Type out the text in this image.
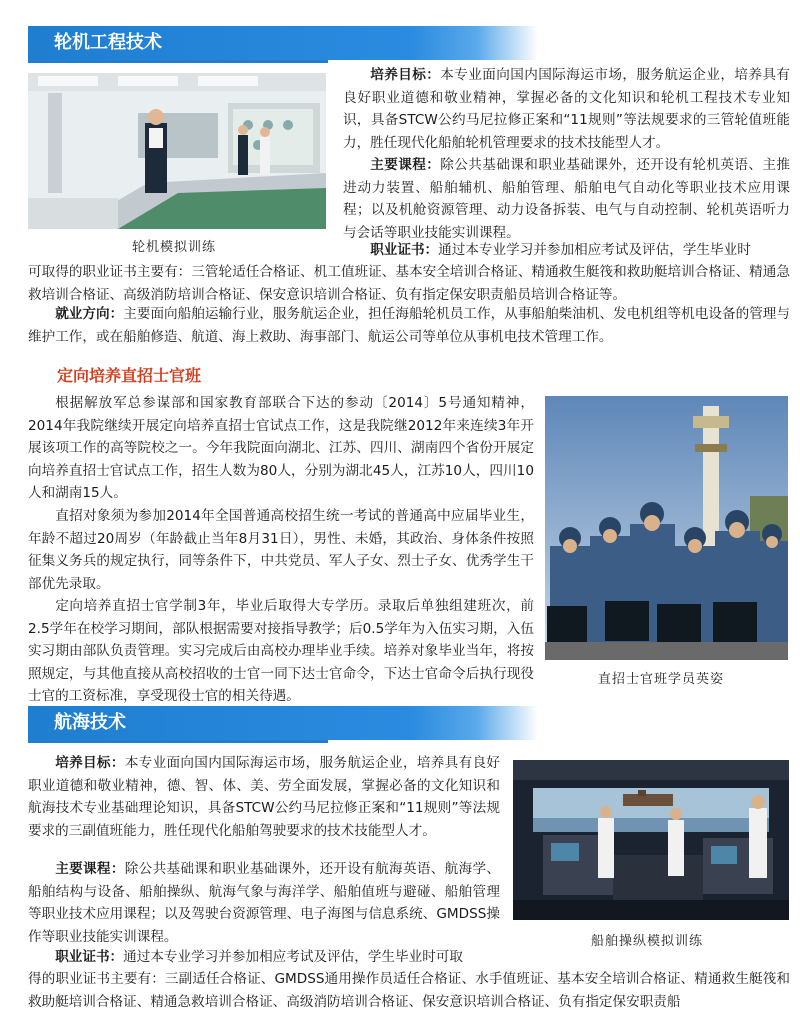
轮机工程技术
轮机模拟训练

培养目标：本专业面向国内国际海运市场，服务航运企业，培养具有良好职业道德和敬业精神，掌握必备的文化知识和轮机工程技术专业知识，具备STCW公约马尼拉修正案和“11规则”等法规要求的三管轮值班能力，胜任现代化船舶轮机管理要求的技术技能型人才。

主要课程：除公共基础课和职业基础课外，还开设有轮机英语、主推进动力装置、船舶辅机、船舶管理、船舶电气自动化等职业技术应用课程；以及机舱资源管理、动力设备拆装、电气与自动控制、轮机英语听力与会话等职业技能实训课程。

职业证书：通过本专业学习并参加相应考试及评估，学生毕业时

可取得的职业证书主要有：三管轮适任合格证、机工值班证、基本安全培训合格证、精通救生艇筏和救助艇培训合格证、精通急救培训合格证、高级消防培训合格证、保安意识培训合格证、负有指定保安职责船员培训合格证等。

就业方向：主要面向船舶运输行业，服务航运企业，担任海船轮机员工作，从事船舶柴油机、发电机组等机电设备的管理与维护工作，或在船舶修造、航道、海上救助、海事部门、航运公司等单位从事机电技术管理工作。

定向培养直招士官班

根据解放军总参谋部和国家教育部联合下达的参动〔2014〕5号通知精神，2014年我院继续开展定向培养直招士官试点工作，这是我院继2012年来连续3年开展该项工作的高等院校之一。今年我院面向湖北、江苏、四川、湖南四个省份开展定向培养直招士官试点工作，招生人数为80人，分别为湖北45人，江苏10人，四川10人和湖南15人。

直招对象须为参加2014年全国普通高校招生统一考试的普通高中应届毕业生，年龄不超过20周岁（年龄截止当年8月31日），男性、未婚，其政治、身体条件按照征集义务兵的规定执行，同等条件下，中共党员、军人子女、烈士子女、优秀学生干部优先录取。

定向培养直招士官学制3年，毕业后取得大专学历。录取后单独组建班次，前2.5学年在校学习期间，部队根据需要对接指导教学；后0.5学年为入伍实习期，入伍实习期由部队负责管理。实习完成后由高校办理毕业手续。培养对象毕业当年，将按照规定，与其他直接从高校招收的士官一同下达士官命令，下达士官命令后执行现役士官的工资标准，享受现役士官的相关待遇。

直招士官班学员英姿
航海技术

培养目标：本专业面向国内国际海运市场，服务航运企业，培养具有良好职业道德和敬业精神，德、智、体、美、劳全面发展，掌握必备的文化知识和航海技术专业基础理论知识，具备STCW公约马尼拉修正案和“11规则”等法规要求的三副值班能力，胜任现代化船舶驾驶要求的技术技能型人才。

主要课程：除公共基础课和职业基础课外，还开设有航海英语、航海学、船舶结构与设备、船舶操纵、航海气象与海洋学、船舶值班与避碰、船舶管理等职业技术应用课程；以及驾驶台资源管理、电子海图与信息系统、GMDSS操作等职业技能实训课程。

职业证书：通过本专业学习并参加相应考试及评估，学生毕业时可取

得的职业证书主要有：三副适任合格证、GMDSS通用操作员适任合格证、水手值班证、基本安全培训合格证、精通救生艇筏和救助艇培训合格证、精通急救培训合格证、高级消防培训合格证、保安意识培训合格证、负有指定保安职责船

船舶操纵模拟训练
